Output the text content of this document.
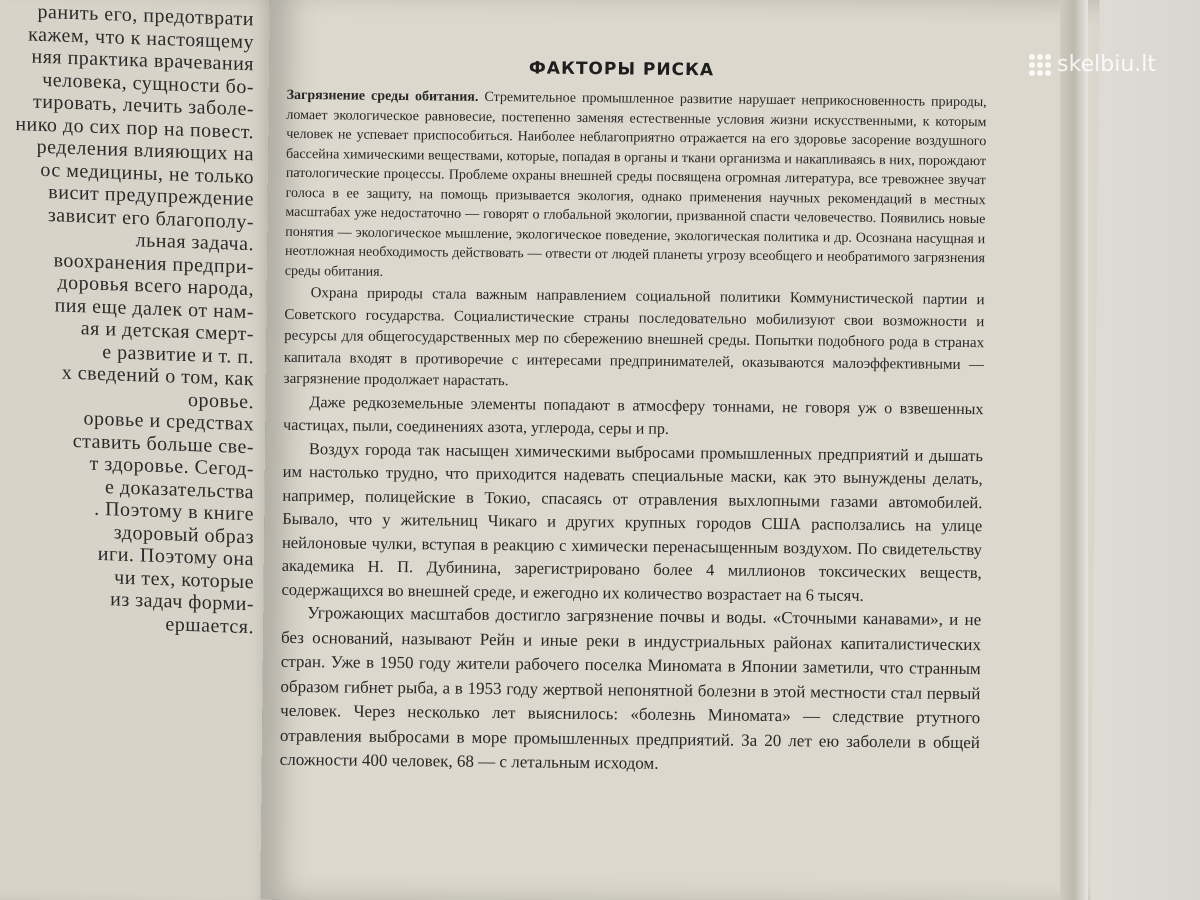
ранить его, предотврати
кажем, что к настоящему
няя практика врачевания
человека, сущности бо-
тировать, лечить заболе-
нико до сих пор на повест.
ределения влияющих на
ос медицины, не только
висит предупреждение
зависит его благополу-
льная задача.
воохранения предпри-
доровья всего народа,
пия еще далек от нам-
ая и детская смерт-
е развитие и т. п.
х сведений о том, как
оровье.
оровье и средствах
ставить больше све-
т здоровье. Сегод-
е доказательства
. Поэтому в книге
здоровый образ
иги. Поэтому она
чи тех, которые
из задач форми-
ершается.
ФАКТОРЫ РИСКА

Загрязнение среды обитания. Стремительное промышленное развитие нарушает неприкосновенность природы, ломает экологическое равновесие, постепенно заменяя естественные условия жизни искусственными, к которым человек не успевает приспособиться. Наиболее неблагоприятно отражается на его здоровье засорение воздушного бассейна химическими веществами, которые, попадая в органы и ткани организма и накапливаясь в них, порождают патологические процессы. Проблеме охраны внешней среды посвящена огромная литература, все тревожнее звучат голоса в ее защиту, на помощь призывается экология, однако применения научных рекомендаций в местных масштабах уже недостаточно — говорят о глобальной экологии, призванной спасти человечество. Появились новые понятия — экологическое мышление, экологическое поведение, экологическая политика и др. Осознана насущная и неотложная необходимость действовать — отвести от людей планеты угрозу всеобщего и необратимого загрязнения среды обитания.

Охрана природы стала важным направлением социальной политики Коммунистической партии и Советского государства. Социалистические страны последовательно мобилизуют свои возможности и ресурсы для общегосударственных мер по сбережению внешней среды. Попытки подобного рода в странах капитала входят в противоречие с интересами предпринимателей, оказываются малоэффективными — загрязнение продолжает нарастать.

Даже редкоземельные элементы попадают в атмосферу тоннами, не говоря уж о взвешенных частицах, пыли, соединениях азота, углерода, серы и пр.

Воздух города так насыщен химическими выбросами промышленных предприятий и дышать им настолько трудно, что приходится надевать специальные маски, как это вынуждены делать, например, полицейские в Токио, спасаясь от отравления выхлопными газами автомобилей. Бывало, что у жительниц Чикаго и других крупных городов США расползались на улице нейлоновые чулки, вступая в реакцию с химически перенасыщенным воздухом. По свидетельству академика Н. П. Дубинина, зарегистрировано более 4 миллионов токсических веществ, содержащихся во внешней среде, и ежегодно их количество возрастает на 6 тысяч.

Угрожающих масштабов достигло загрязнение почвы и воды. «Сточными канавами», и не без оснований, называют Рейн и иные реки в индустриальных районах капиталистических стран. Уже в 1950 году жители рабочего поселка Миномата в Японии заметили, что странным образом гибнет рыба, а в 1953 году жертвой непонятной болезни в этой местности стал первый человек. Через несколько лет выяснилось: «болезнь Миномата» — следствие ртутного отравления выбросами в море промышленных предприятий. За 20 лет ею заболели в общей сложности 400 человек, 68 — с летальным исходом.

skelbiu.lt
